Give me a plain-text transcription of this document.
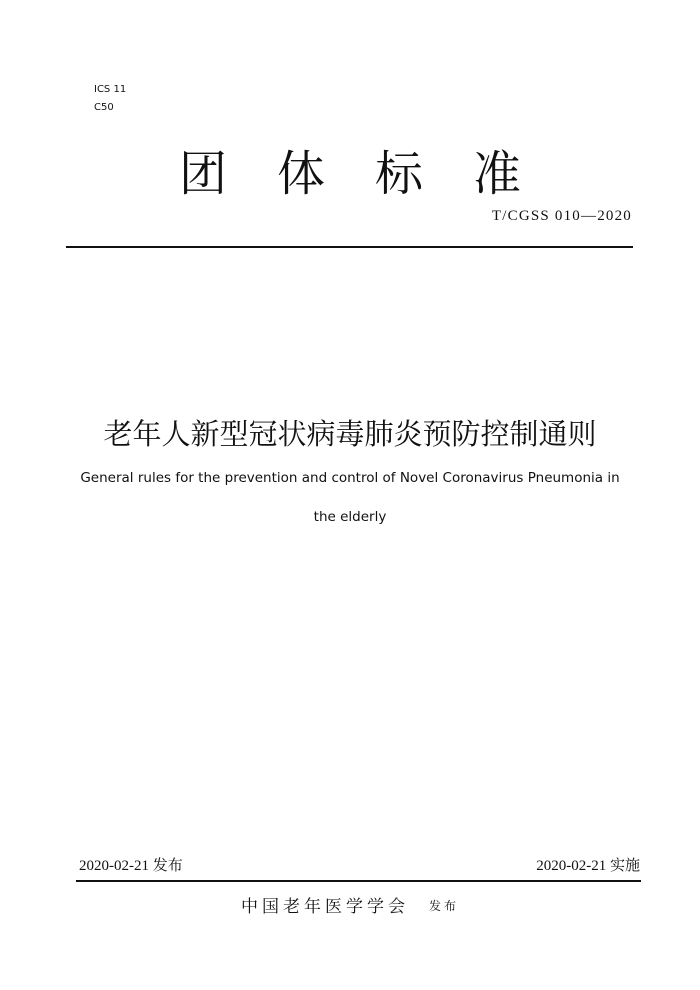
ICS 11
C50
团 体 标 准
T/CGSS 010—2020
老年人新型冠状病毒肺炎预防控制通则
General rules for the prevention and control of Novel Coronavirus Pneumonia in
the elderly
2020-02-21 发布	2020-02-21 实施
中国老年医学学会 发布
